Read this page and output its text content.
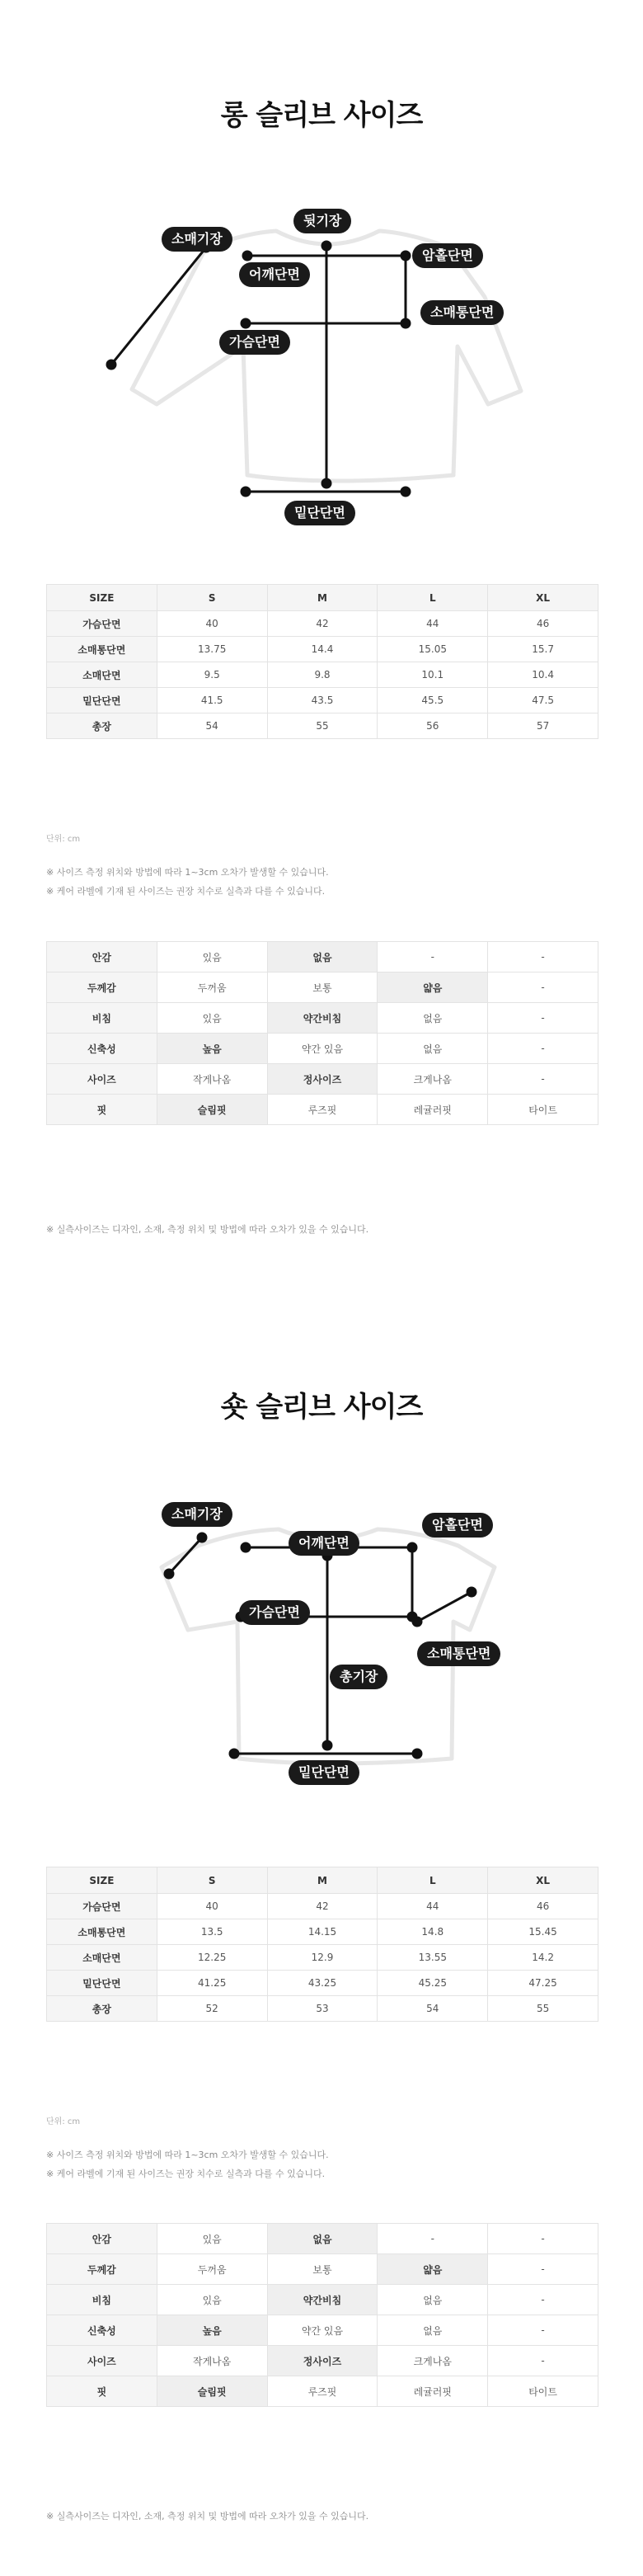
롱 슬리브 사이즈
소매기장
뒷기장
암홀단면
어깨단면
소매통단면
가슴단면
밑단단면
SIZE	S	M	L	XL
가슴단면	40	42	44	46
소매통단면	13.75	14.4	15.05	15.7
소매단면	9.5	9.8	10.1	10.4
밑단단면	41.5	43.5	45.5	47.5
총장	54	55	56	57
단위: cm
※ 사이즈 측정 위치와 방법에 따라 1~3cm 오차가 발생할 수 있습니다.
※ 케어 라벨에 기재 된 사이즈는 권장 치수로 실측과 다를 수 있습니다.
안감	있음	없음	-	-
두께감	두꺼움	보통	얇음	-
비침	있음	약간비침	없음	-
신축성	높음	약간 있음	없음	-
사이즈	작게나옴	정사이즈	크게나옴	-
핏	슬림핏	루즈핏	레귤러핏	타이트
※ 실측사이즈는 디자인, 소재, 측정 위치 및 방법에 따라 오차가 있을 수 있습니다.
숏 슬리브 사이즈
소매기장
암홀단면
어깨단면
가슴단면
소매통단면
총기장
밑단단면
SIZE	S	M	L	XL
가슴단면	40	42	44	46
소매통단면	13.5	14.15	14.8	15.45
소매단면	12.25	12.9	13.55	14.2
밑단단면	41.25	43.25	45.25	47.25
총장	52	53	54	55
단위: cm
※ 사이즈 측정 위치와 방법에 따라 1~3cm 오차가 발생할 수 있습니다.
※ 케어 라벨에 기재 된 사이즈는 권장 치수로 실측과 다를 수 있습니다.
안감	있음	없음	-	-
두께감	두꺼움	보통	얇음	-
비침	있음	약간비침	없음	-
신축성	높음	약간 있음	없음	-
사이즈	작게나옴	정사이즈	크게나옴	-
핏	슬림핏	루즈핏	레귤러핏	타이트
※ 실측사이즈는 디자인, 소재, 측정 위치 및 방법에 따라 오차가 있을 수 있습니다.
